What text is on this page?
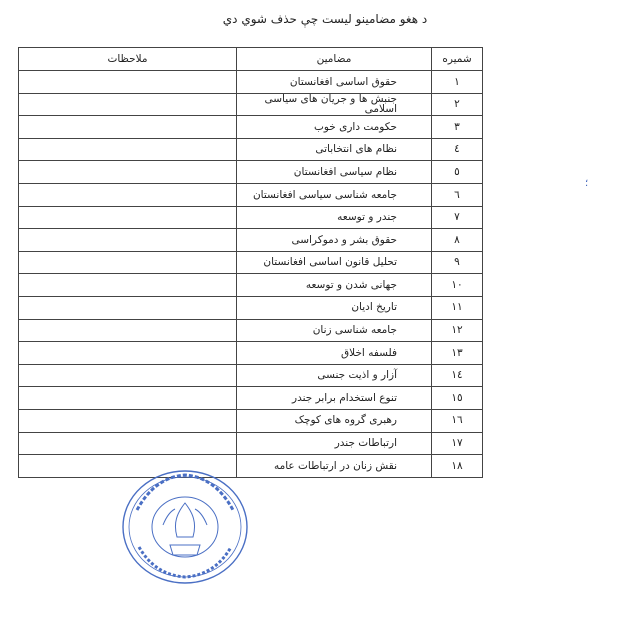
د هغو مضامینو لیست چې حذف شوي دي
شمیره	مضامین	ملاحظات
١	حقوق اساسی افغانستان	
٢	جنبش ها و جریان های سیاسی اسلامی	
٣	حکومت داری خوب	
٤	نظام های انتخاباتی	
٥	نظام سیاسی افغانستان	
٦	جامعه شناسی سیاسی افغانستان	
٧	جندر و توسعه	
٨	حقوق بشر و دموکراسی	
٩	تحلیل قانون اساسی افغانستان	
١٠	جهانی شدن و توسعه	
١١	تاریخ ادیان	
١٢	جامعه شناسی زنان	
١٣	فلسفه اخلاق	
١٤	آزار و اذیت جنسی	
١٥	تنوع استخدام برابر جندر	
١٦	رهبری گروه های کوچک	
١٧	ارتباطات جندر	
١٨	نقش زنان در ارتباطات عامه	
؛
